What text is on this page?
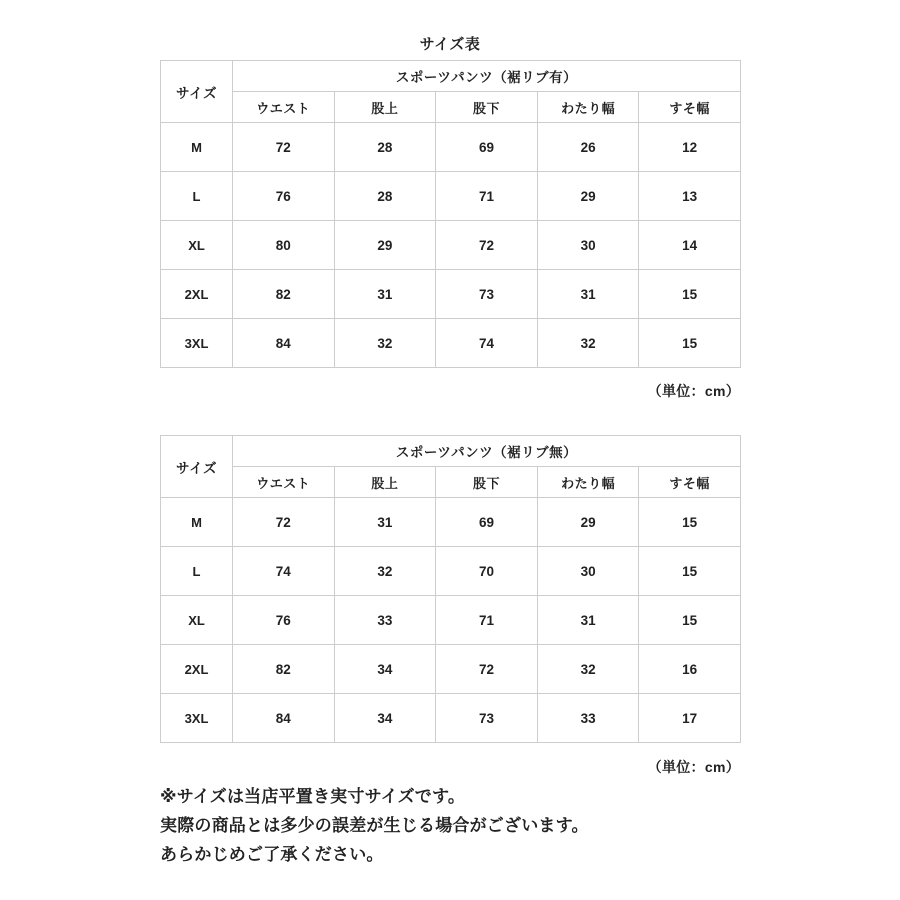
サイズ表
サイズ	スポーツパンツ（裾リブ有）				
	ウエスト	股上	股下	わたり幅	すそ幅
M	72	28	69	26	12
L	76	28	71	29	13
XL	80	29	72	30	14
2XL	82	31	73	31	15
3XL	84	32	74	32	15
（単位：cm）
サイズ	スポーツパンツ（裾リブ無）				
	ウエスト	股上	股下	わたり幅	すそ幅
M	72	31	69	29	15
L	74	32	70	30	15
XL	76	33	71	31	15
2XL	82	34	72	32	16
3XL	84	34	73	33	17
（単位：cm）
※サイズは当店平置き実寸サイズです。
実際の商品とは多少の誤差が生じる場合がございます。
あらかじめご了承ください。
